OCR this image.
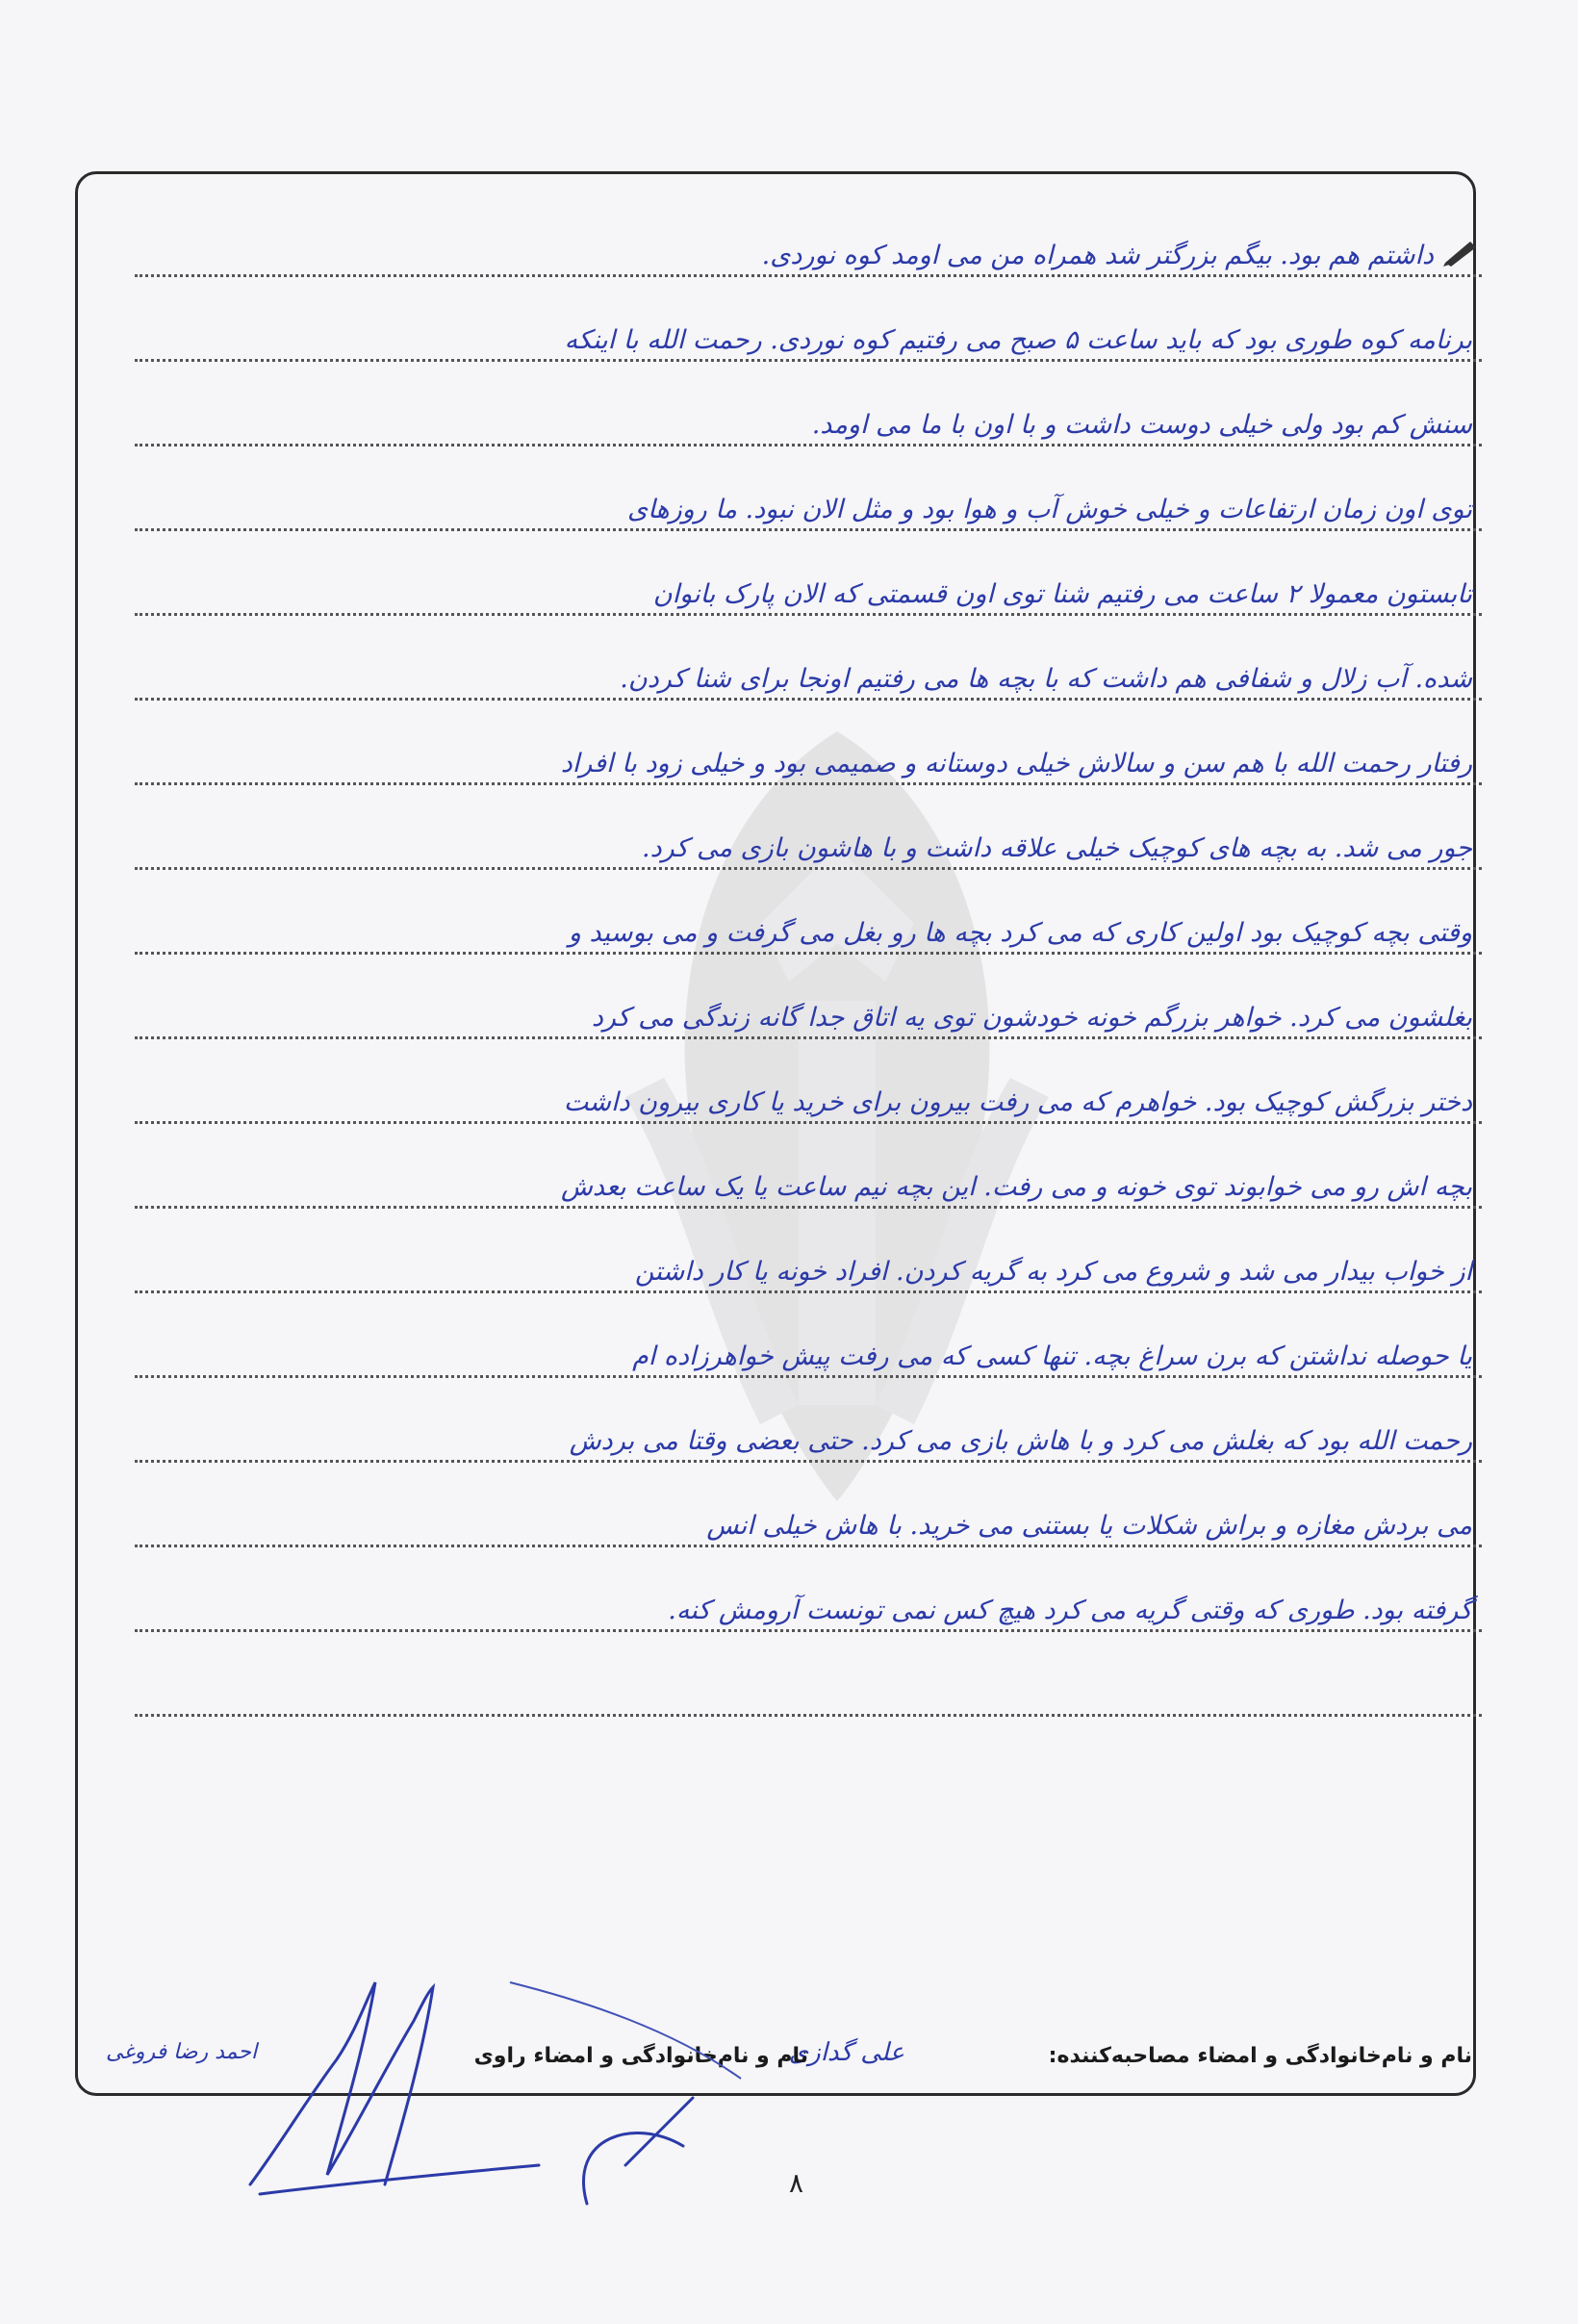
داشتم هم بود. بیگم بزرگتر شد همراه من می اومد کوه نوردی.
برنامه کوه طوری بود که باید ساعت ۵ صبح می رفتیم کوه نوردی. رحمت الله با اینکه
سنش کم بود ولی خیلی دوست داشت و با اون با ما می اومد.
توی اون زمان ارتفاعات و خیلی خوش آب و هوا بود و مثل الان نبود. ما روزهای
تابستون معمولا ۲ ساعت می رفتیم شنا توی اون قسمتی که الان پارک بانوان
شده. آب زلال و شفافی هم داشت که با بچه ها می رفتیم اونجا برای شنا کردن.
رفتار رحمت الله با هم سن و سالاش خیلی دوستانه و صمیمی بود و خیلی زود با افراد
جور می شد. به بچه های کوچیک خیلی علاقه داشت و با هاشون بازی می کرد.
وقتی بچه کوچیک بود اولین کاری که می کرد بچه ها رو بغل می گرفت و می بوسید و
بغلشون می کرد. خواهر بزرگم خونه خودشون توی یه اتاق جدا گانه زندگی می کرد
دختر بزرگش کوچیک بود. خواهرم که می رفت بیرون برای خرید یا کاری بیرون داشت
بچه اش رو می خوابوند توی خونه و می رفت. این بچه نیم ساعت یا یک ساعت بعدش
از خواب بیدار می شد و شروع می کرد به گریه کردن. افراد خونه یا کار داشتن
یا حوصله نداشتن که برن سراغ بچه. تنها کسی که می رفت پیش خواهرزاده ام
رحمت الله بود که بغلش می کرد و با هاش بازی می کرد. حتی بعضی وقتا می بردش
می بردش مغازه و براش شکلات یا بستنی می خرید. با هاش خیلی انس
گرفته بود. طوری که وقتی گریه می کرد هیچ کس نمی تونست آرومش کنه.
نام و نام‌خانوادگی و امضاء مصاحبه‌کننده:
علی گدازی
نام و نام‌خانوادگی و امضاء راوی
احمد رضا فروغی
۸
